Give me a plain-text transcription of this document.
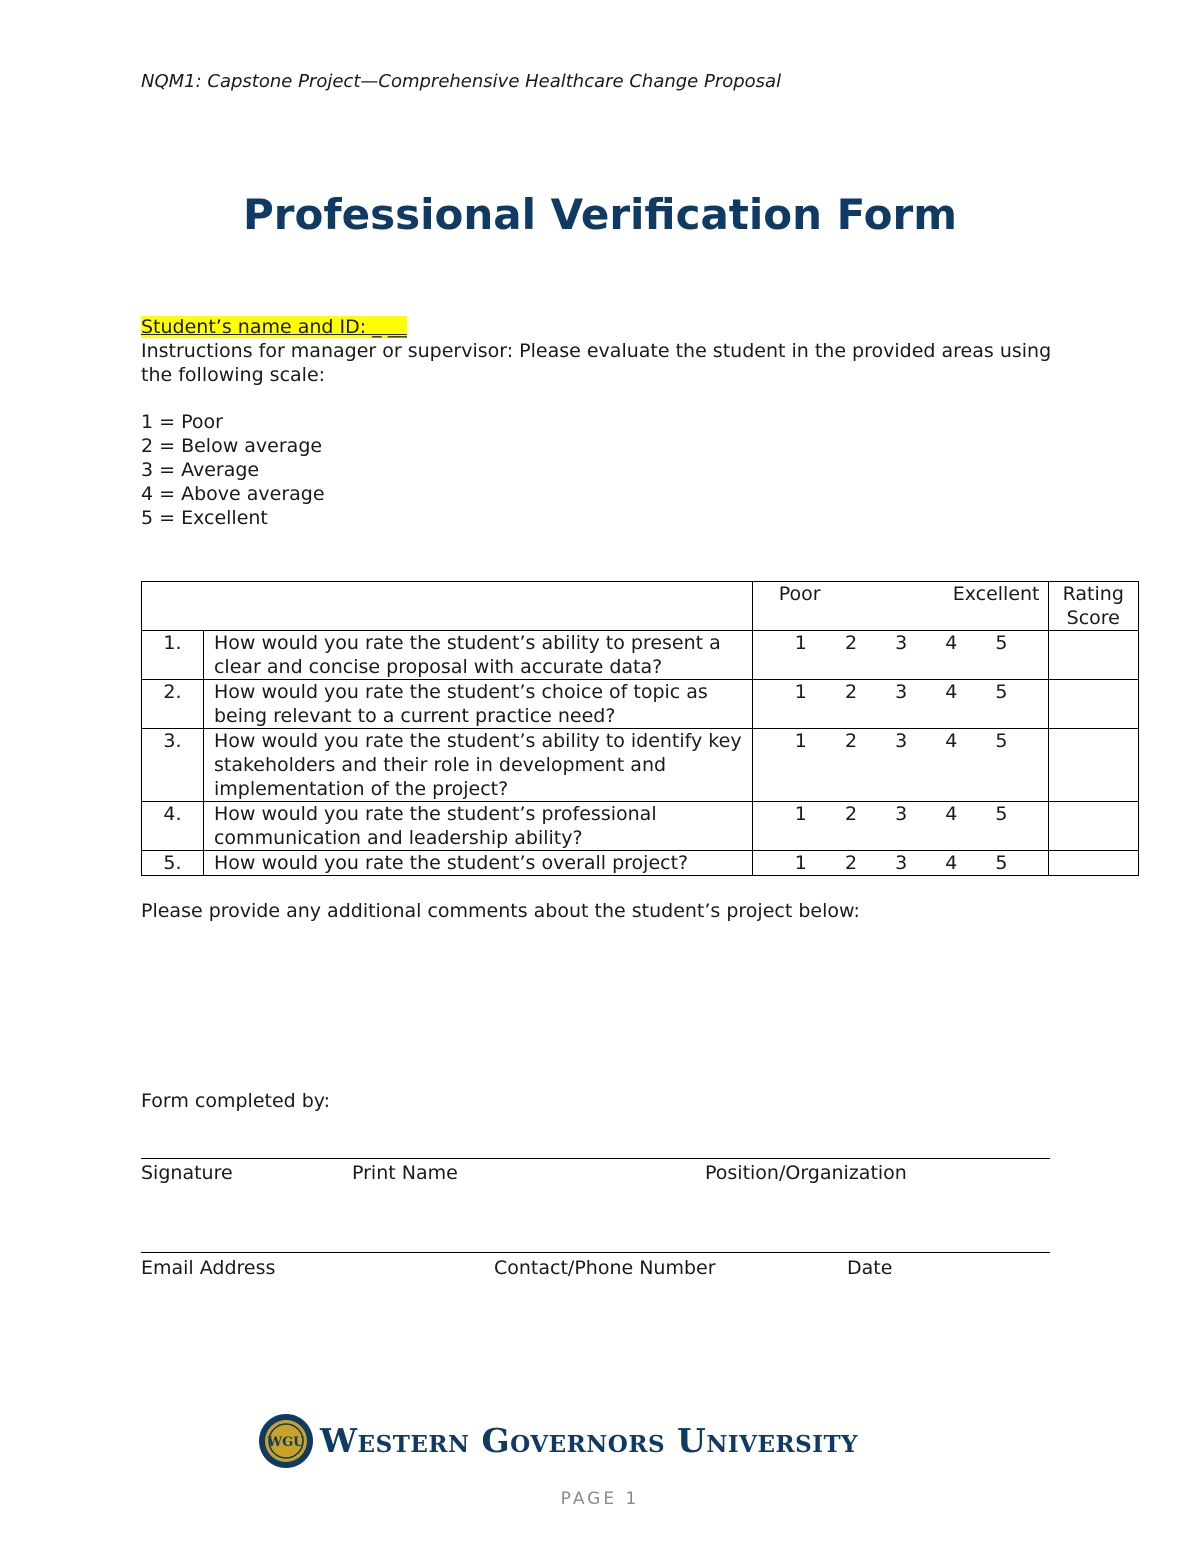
NQM1: Capstone Project—Comprehensive Healthcare Change Proposal
Professional Verification Form
Student’s name and ID: _ __
Instructions for manager or supervisor: Please evaluate the student in the provided areas using the following scale:
1 = Poor
2 = Below average
3 = Average
4 = Above average
5 = Excellent

		Poor Excellent	Rating Score
1.	How would you rate the student’s ability to present a clear and concise proposal with accurate data?	1 2 3 4 5	

2.	How would you rate the student’s choice of topic as being relevant to a current practice need?	1 2 3 4 5	

3.	How would you rate the student’s ability to identify key stakeholders and their role in development and implementation of the project?	1 2 3 4 5	

4.	How would you rate the student’s professional communication and leadership ability?	1 2 3 4 5	

5.	How would you rate the student’s overall project?	1 2 3 4 5	

Please provide any additional comments about the student’s project below:
Form completed by:
Signature	Print Name	Position/Organization
Email Address	Contact/Phone Number	Date
WGU Western Governors University
PAGE 1
